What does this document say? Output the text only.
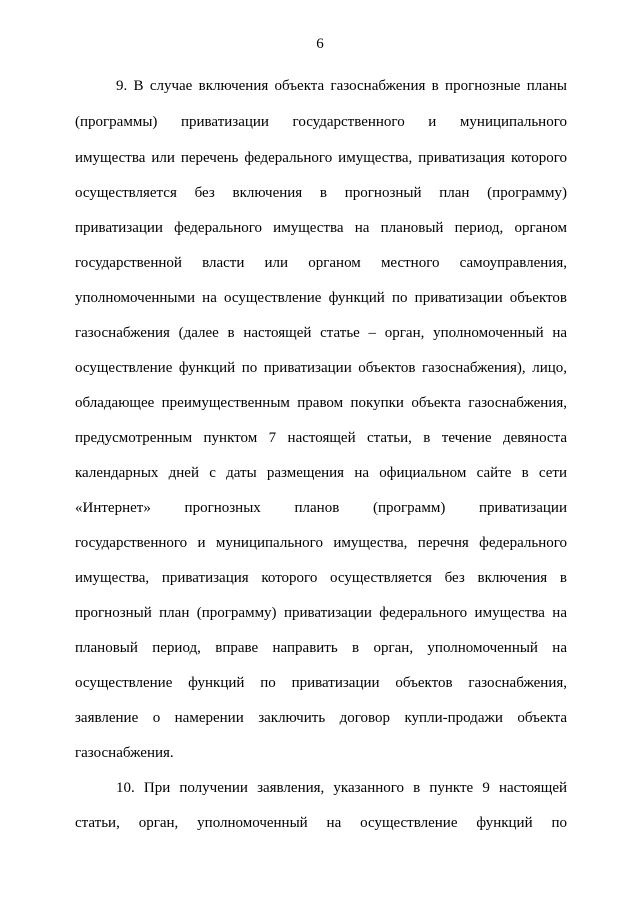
6
9. В случае включения объекта газоснабжения в прогнозные планы
(программы) приватизации государственного и муниципального
имущества или перечень федерального имущества, приватизация которого
осуществляется без включения в прогнозный план (программу)
приватизации федерального имущества на плановый период, органом
государственной власти или органом местного самоуправления,
уполномоченными на осуществление функций по приватизации объектов
газоснабжения (далее в настоящей статье – орган, уполномоченный на
осуществление функций по приватизации объектов газоснабжения), лицо,
обладающее преимущественным правом покупки объекта газоснабжения,
предусмотренным пунктом 7 настоящей статьи, в течение девяноста
календарных дней с даты размещения на официальном сайте в сети
«Интернет» прогнозных планов (программ) приватизации
государственного и муниципального имущества, перечня федерального
имущества, приватизация которого осуществляется без включения в
прогнозный план (программу) приватизации федерального имущества на
плановый период, вправе направить в орган, уполномоченный на
осуществление функций по приватизации объектов газоснабжения,
заявление о намерении заключить договор купли-продажи объекта
газоснабжения.
10. При получении заявления, указанного в пункте 9 настоящей
статьи, орган, уполномоченный на осуществление функций по
